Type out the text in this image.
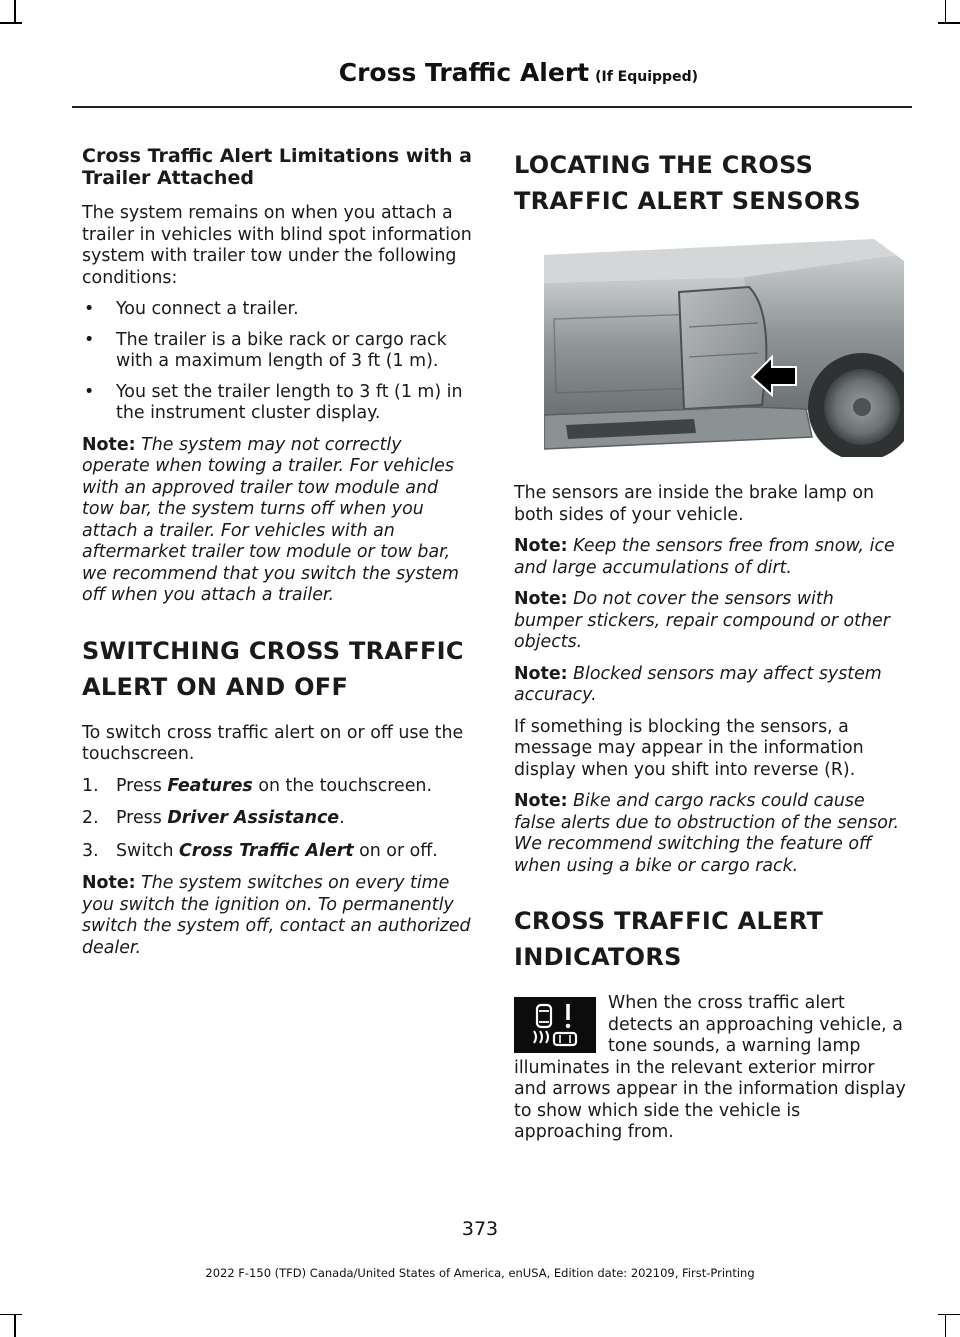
Cross Traffic Alert (If Equipped)
Cross Traffic Alert Limitations with a Trailer Attached

The system remains on when you attach a trailer in vehicles with blind spot information system with trailer tow under the following conditions:

• You connect a trailer.
• The trailer is a bike rack or cargo rack with a maximum length of 3 ft (1 m).
• You set the trailer length to 3 ft (1 m) in the instrument cluster display.

Note: The system may not correctly operate when towing a trailer. For vehicles with an approved trailer tow module and tow bar, the system turns off when you attach a trailer. For vehicles with an aftermarket trailer tow module or tow bar, we recommend that you switch the system off when you attach a trailer.

SWITCHING CROSS TRAFFIC
ALERT ON AND OFF

To switch cross traffic alert on or off use the touchscreen.

1. Press Features on the touchscreen.
2. Press Driver Assistance.
3. Switch Cross Traffic Alert on or off.

Note: The system switches on every time you switch the ignition on. To permanently switch the system off, contact an authorized dealer.

LOCATING THE CROSS
TRAFFIC ALERT SENSORS

The sensors are inside the brake lamp on both sides of your vehicle.

Note: Keep the sensors free from snow, ice and large accumulations of dirt.

Note: Do not cover the sensors with bumper stickers, repair compound or other objects.

Note: Blocked sensors may affect system accuracy.

If something is blocking the sensors, a message may appear in the information display when you shift into reverse (R).

Note: Bike and cargo racks could cause false alerts due to obstruction of the sensor. We recommend switching the feature off when using a bike or cargo rack.

CROSS TRAFFIC ALERT
INDICATORS

When the cross traffic alert detects an approaching vehicle, a tone sounds, a warning lamp illuminates in the relevant exterior mirror and arrows appear in the information display to show which side the vehicle is approaching from.

373
2022 F-150 (TFD) Canada/United States of America, enUSA, Edition date: 202109, First-Printing
